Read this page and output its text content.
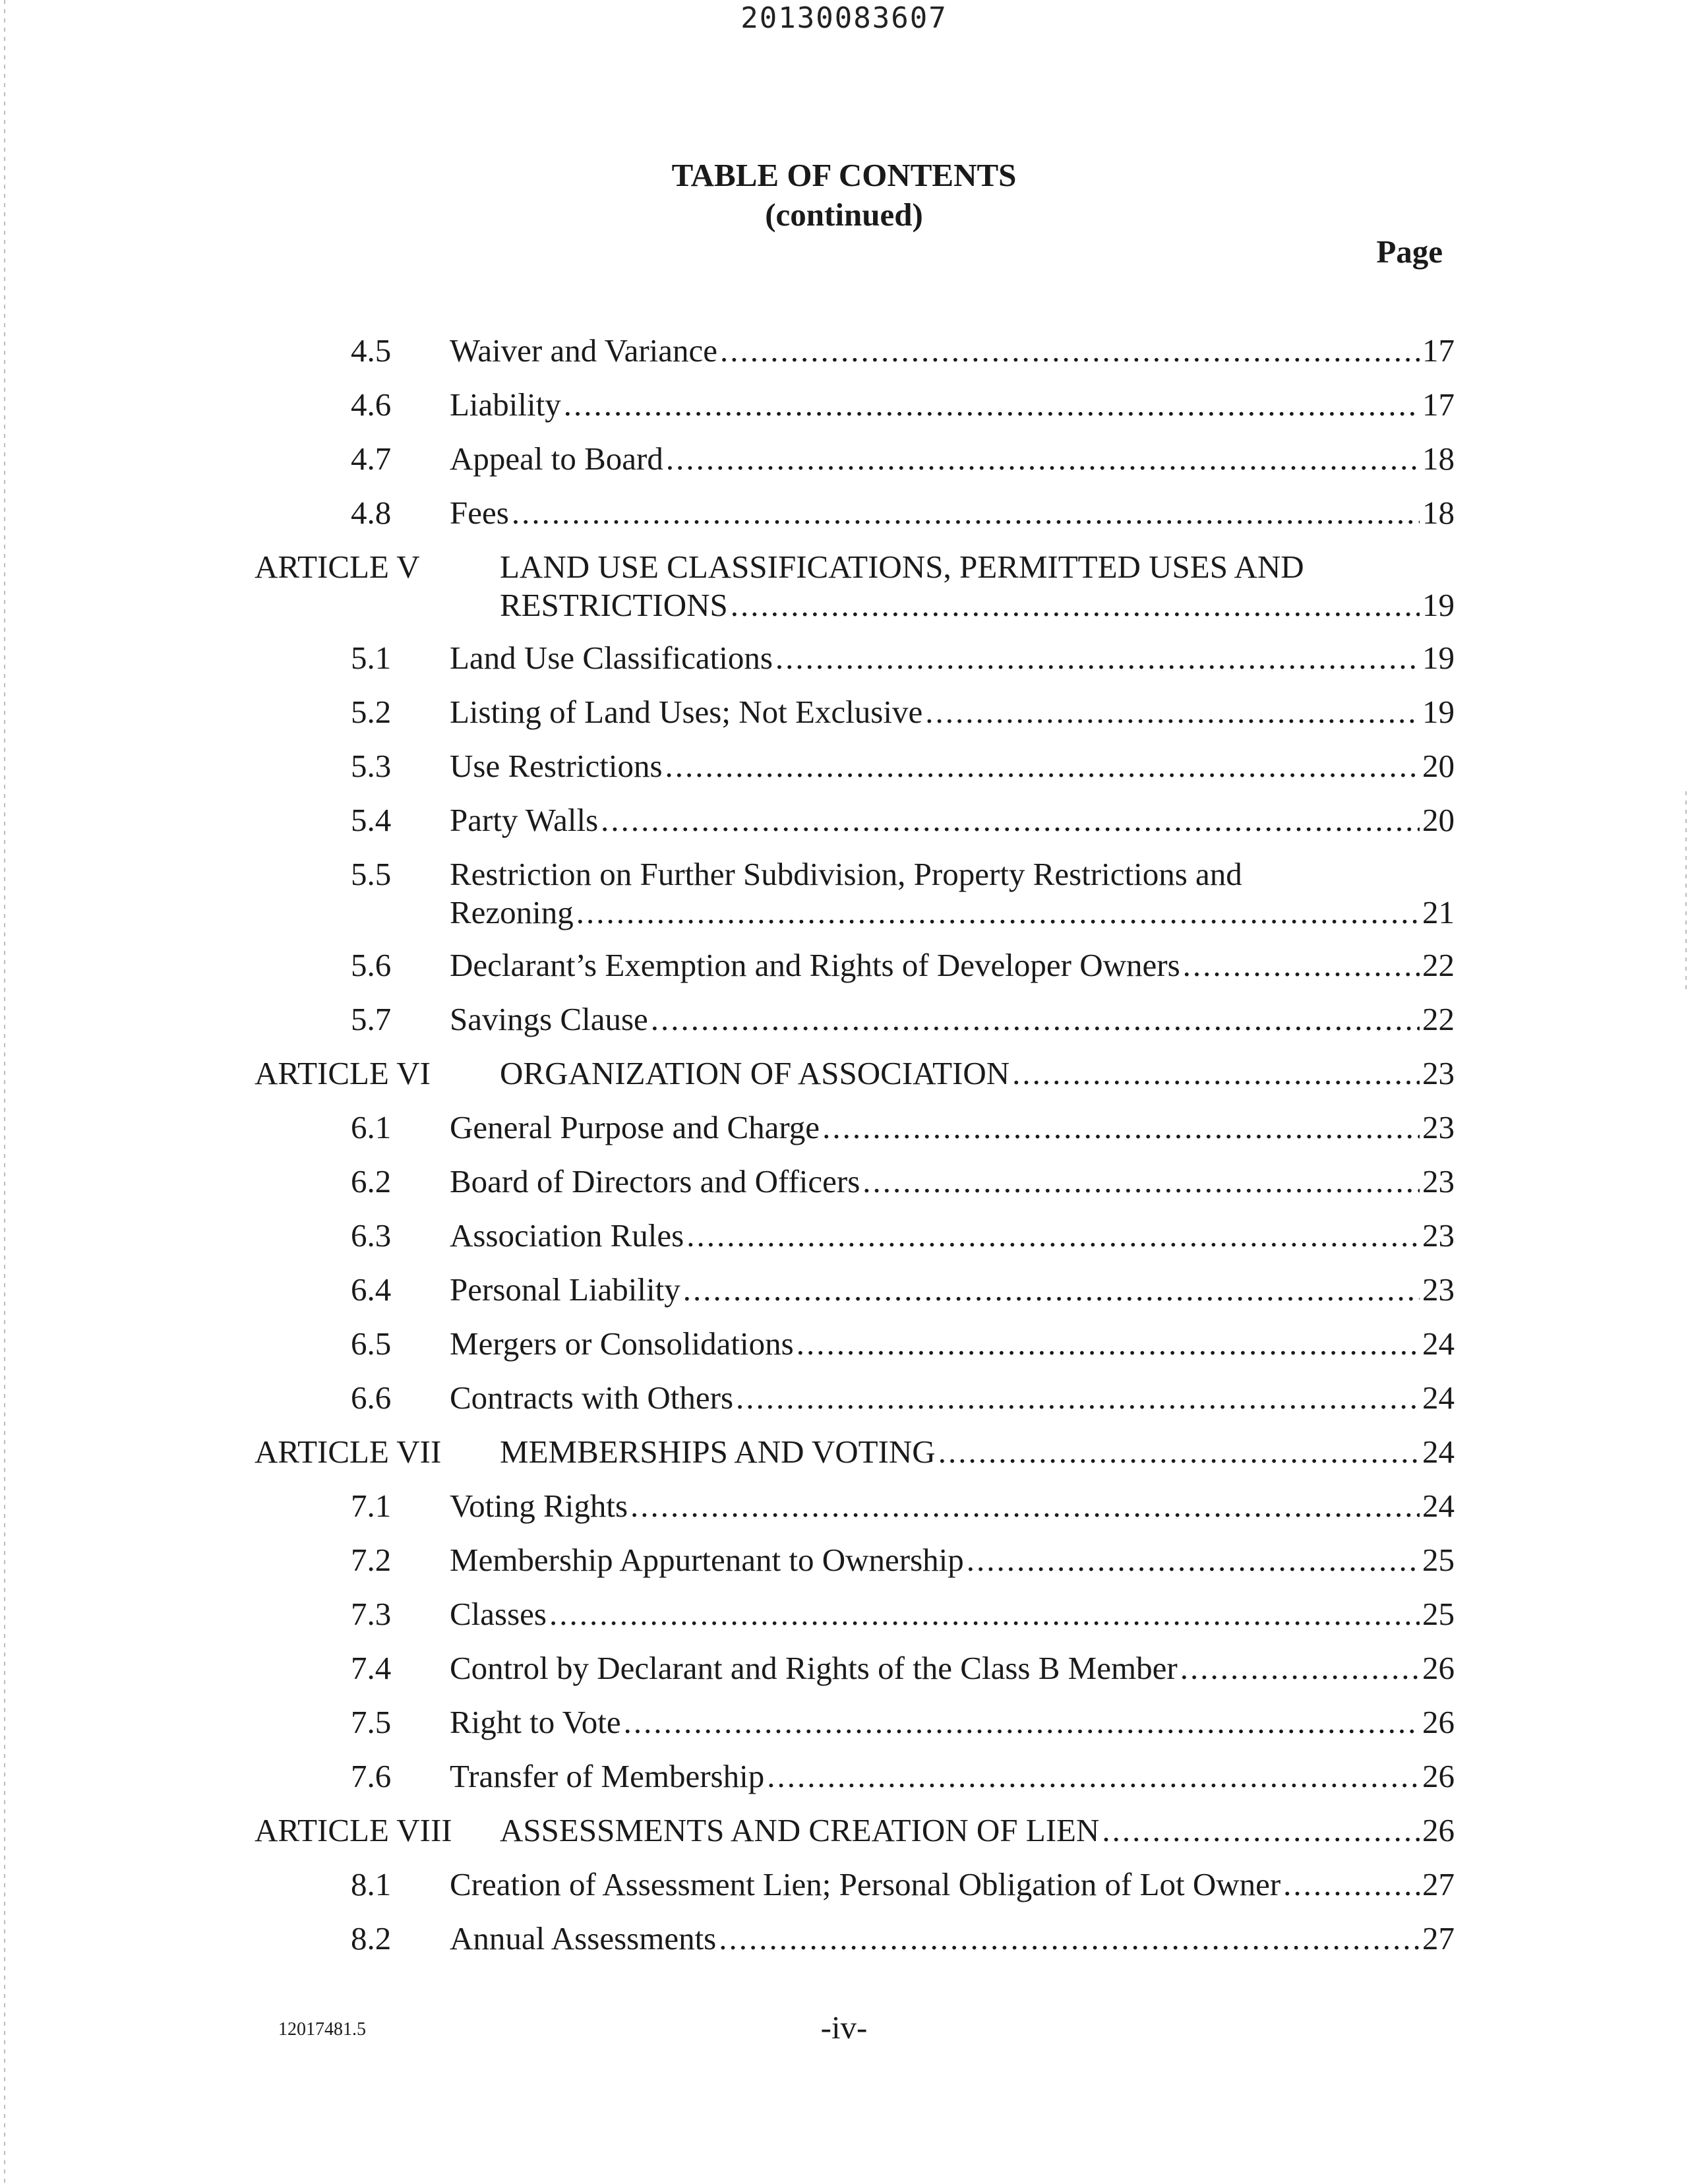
20130083607
TABLE OF CONTENTS
(continued)
Page
4.5	Waiver and Variance .....	17
4.6	Liability .....	17
4.7	Appeal to Board .....	18
4.8	Fees .....	18
ARTICLE V	LAND USE CLASSIFICATIONS, PERMITTED USES AND
RESTRICTIONS .....	19
5.1	Land Use Classifications .....	19
5.2	Listing of Land Uses; Not Exclusive .....	19
5.3	Use Restrictions .....	20
5.4	Party Walls .....	20
5.5	Restriction on Further Subdivision, Property Restrictions and
Rezoning .....	21
5.6	Declarant’s Exemption and Rights of Developer Owners .....	22
5.7	Savings Clause .....	22
ARTICLE VI	ORGANIZATION OF ASSOCIATION .....	23
6.1	General Purpose and Charge .....	23
6.2	Board of Directors and Officers .....	23
6.3	Association Rules .....	23
6.4	Personal Liability .....	23
6.5	Mergers or Consolidations .....	24
6.6	Contracts with Others .....	24
ARTICLE VII	MEMBERSHIPS AND VOTING .....	24
7.1	Voting Rights .....	24
7.2	Membership Appurtenant to Ownership .....	25
7.3	Classes .....	25
7.4	Control by Declarant and Rights of the Class B Member .....	26
7.5	Right to Vote .....	26
7.6	Transfer of Membership .....	26
ARTICLE VIII	ASSESSMENTS AND CREATION OF LIEN .....	26
8.1	Creation of Assessment Lien; Personal Obligation of Lot Owner .....	27
8.2	Annual Assessments .....	27
12017481.5	-iv-
